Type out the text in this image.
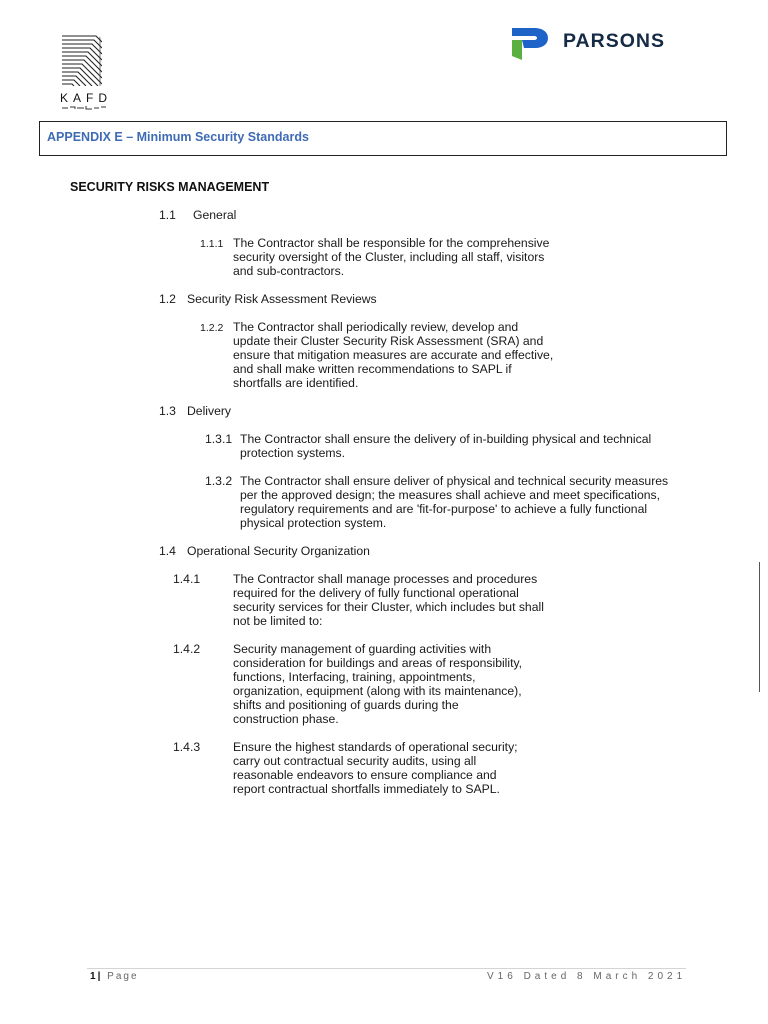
KAFD
PARSONS
APPENDIX E – Minimum Security Standards
SECURITY RISKS MANAGEMENT
1.1 General
1.1.1 The Contractor shall be responsible for the comprehensive
security oversight of the Cluster, including all staff, visitors
and sub-contractors.
1.2 Security Risk Assessment Reviews
1.2.2 The Contractor shall periodically review, develop and
update their Cluster Security Risk Assessment (SRA) and
ensure that mitigation measures are accurate and effective,
and shall make written recommendations to SAPL if
shortfalls are identified.
1.3 Delivery
1.3.1 The Contractor shall ensure the delivery of in-building physical and technical
protection systems.
1.3.2 The Contractor shall ensure deliver of physical and technical security measures
per the approved design; the measures shall achieve and meet specifications,
regulatory requirements and are 'fit-for-purpose' to achieve a fully functional
physical protection system.
1.4 Operational Security Organization
1.4.1	The Contractor shall manage processes and procedures
required for the delivery of fully functional operational
security services for their Cluster, which includes but shall
not be limited to:
1.4.2	Security management of guarding activities with
consideration for buildings and areas of responsibility,
functions, Interfacing, training, appointments,
organization, equipment (along with its maintenance),
shifts and positioning of guards during the
construction phase.
1.4.3	Ensure the highest standards of operational security;
carry out contractual security audits, using all
reasonable endeavors to ensure compliance and
report contractual shortfalls immediately to SAPL.
1| Page	V16 Dated 8 March 2021
